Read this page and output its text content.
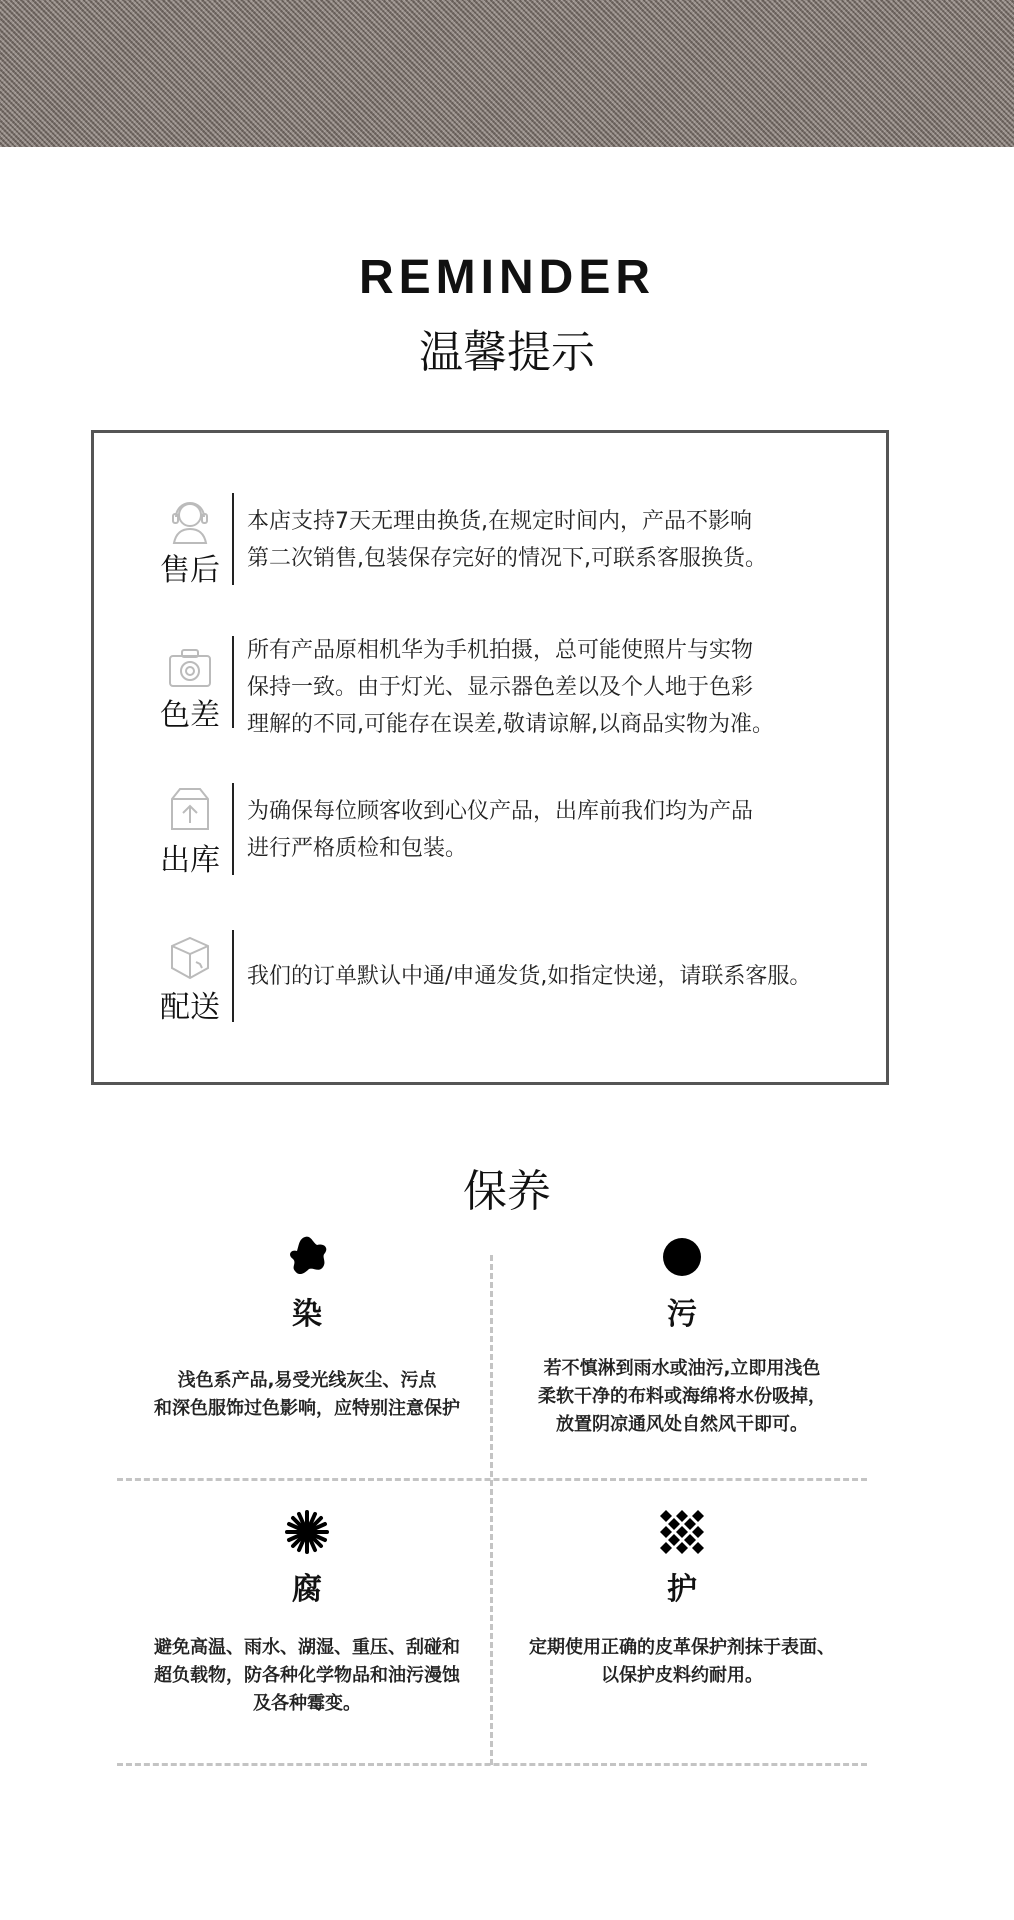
REMINDER
温馨提示
售后
本店支持7天无理由换货,在规定时间内，产品不影响
第二次销售,包装保存完好的情况下,可联系客服换货。
色差
所有产品原相机华为手机拍摄，总可能使照片与实物
保持一致。由于灯光、显示器色差以及个人地于色彩
理解的不同,可能存在误差,敬请谅解,以商品实物为准。
出库
为确保每位顾客收到心仪产品，出库前我们均为产品
进行严格质检和包装。
配送
我们的订单默认中通/申通发货,如指定快递，请联系客服。
保养
染
浅色系产品,易受光线灰尘、污点
和深色服饰过色影响，应特别注意保护
污
若不慎淋到雨水或油污,立即用浅色
柔软干净的布料或海绵将水份吸掉，
放置阴凉通风处自然风干即可。
腐
避免高温、雨水、湖湿、重压、刮碰和
超负载物，防各种化学物品和油污漫蚀
及各种霉变。
护
定期使用正确的皮革保护剂抹于表面、
以保护皮料约耐用。
